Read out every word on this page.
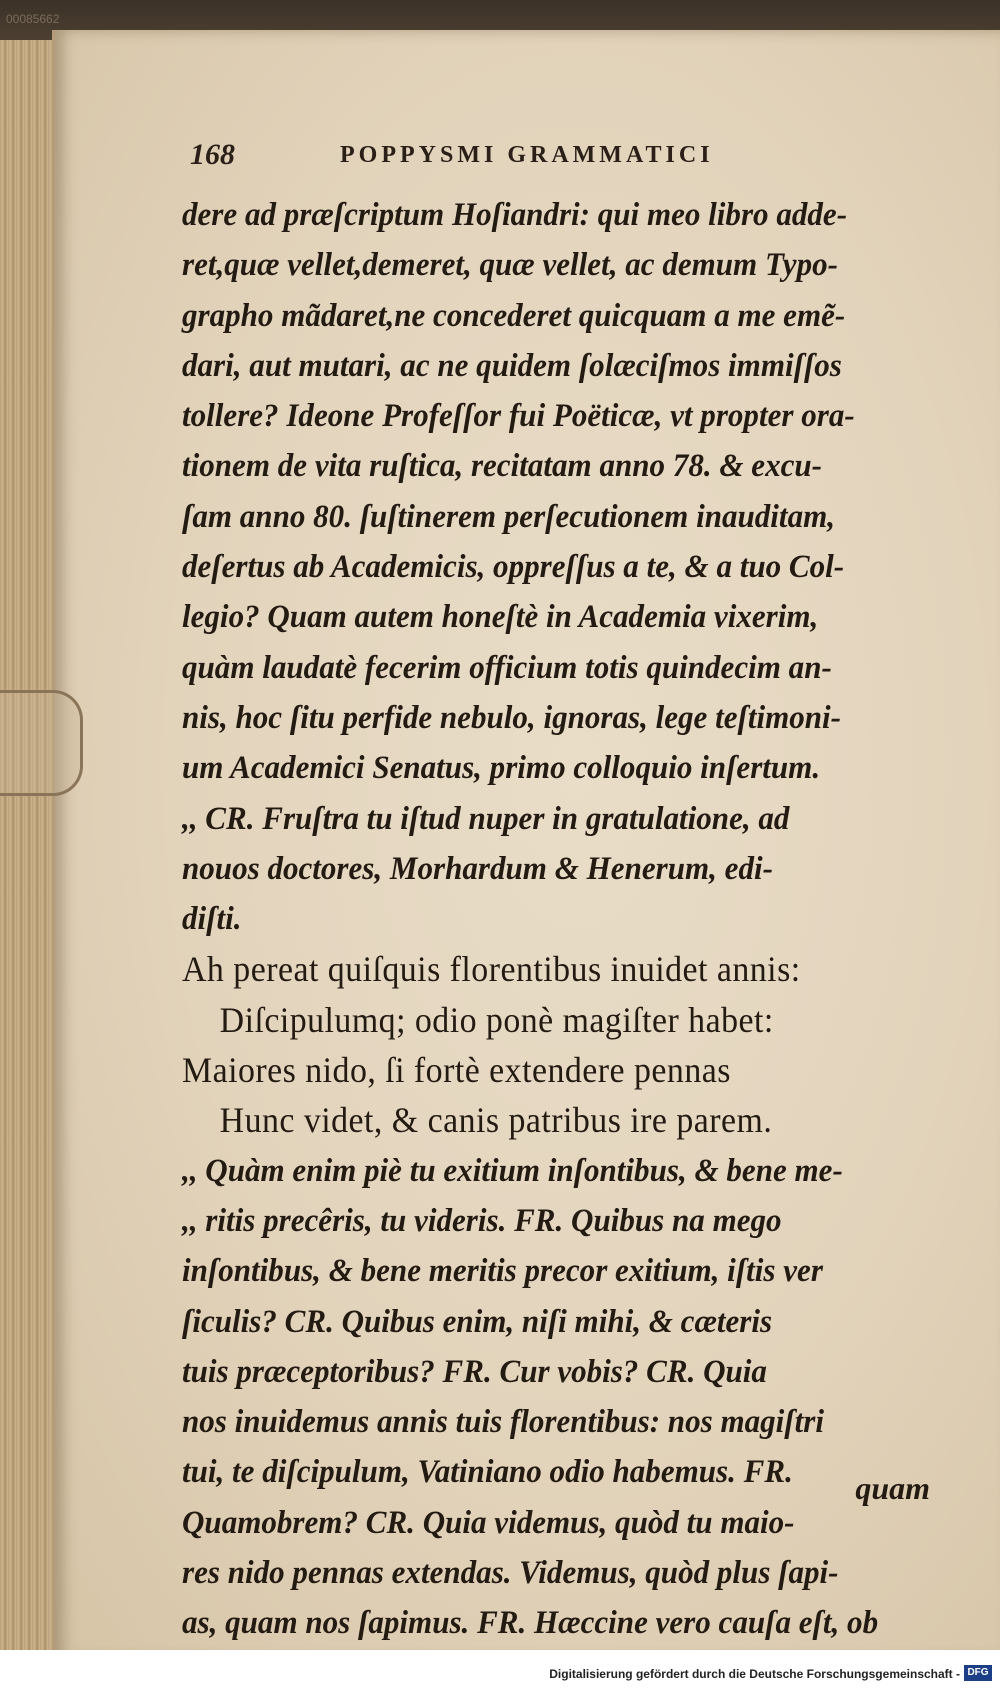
00085662
168	POPPYSMI GRAMMATICI
dere ad præſcriptum Hoſiandri: qui meo libro adde-
ret,quæ vellet,demeret, quæ vellet, ac demum Typo-
grapho mãdaret,ne concederet quicquam a me emẽ-
dari, aut mutari, ac ne quidem ſolæciſmos immiſſos
tollere? Ideone Profeſſor fui Poëticæ, vt propter ora-
tionem de vita ruſtica, recitatam anno 78. & excu-
ſam anno 80. ſuſtinerem perſecutionem inauditam,
deſertus ab Academicis, oppreſſus a te, & a tuo Col-
legio? Quam autem honeſtè in Academia vixerim,
quàm laudatè fecerim officium totis quindecim an-
nis, hoc ſitu perfide nebulo, ignoras, lege teſtimoni-
um Academici Senatus, primo colloquio inſertum.
,, CR. Fruſtra tu iſtud nuper in gratulatione, ad
nouos doctores, Morhardum & Henerum, edi-
diſti.
Ah pereat quiſquis florentibus inuidet annis:
Diſcipulumq; odio ponè magiſter habet:
Maiores nido, ſi fortè extendere pennas
Hunc videt, & canis patribus ire parem.
,, Quàm enim piè tu exitium inſontibus, & bene me-
,, ritis precêris, tu videris. FR. Quibus na mego
inſontibus, & bene meritis precor exitium, iſtis ver
ſiculis? CR. Quibus enim, niſi mihi, & cæteris
tuis præceptoribus? FR. Cur vobis? CR. Quia
nos inuidemus annis tuis florentibus: nos magiſtri
tui, te diſcipulum, Vatiniano odio habemus. FR.
Quamobrem? CR. Quia videmus, quòd tu maio-
res nido pennas extendas. Videmus, quòd plus ſapi-
as, quam nos ſapimus. FR. Hæccine vero cauſa eſt, ob
quam
Digitalisierung gefördert durch die Deutsche Forschungsgemeinschaft - DFG
